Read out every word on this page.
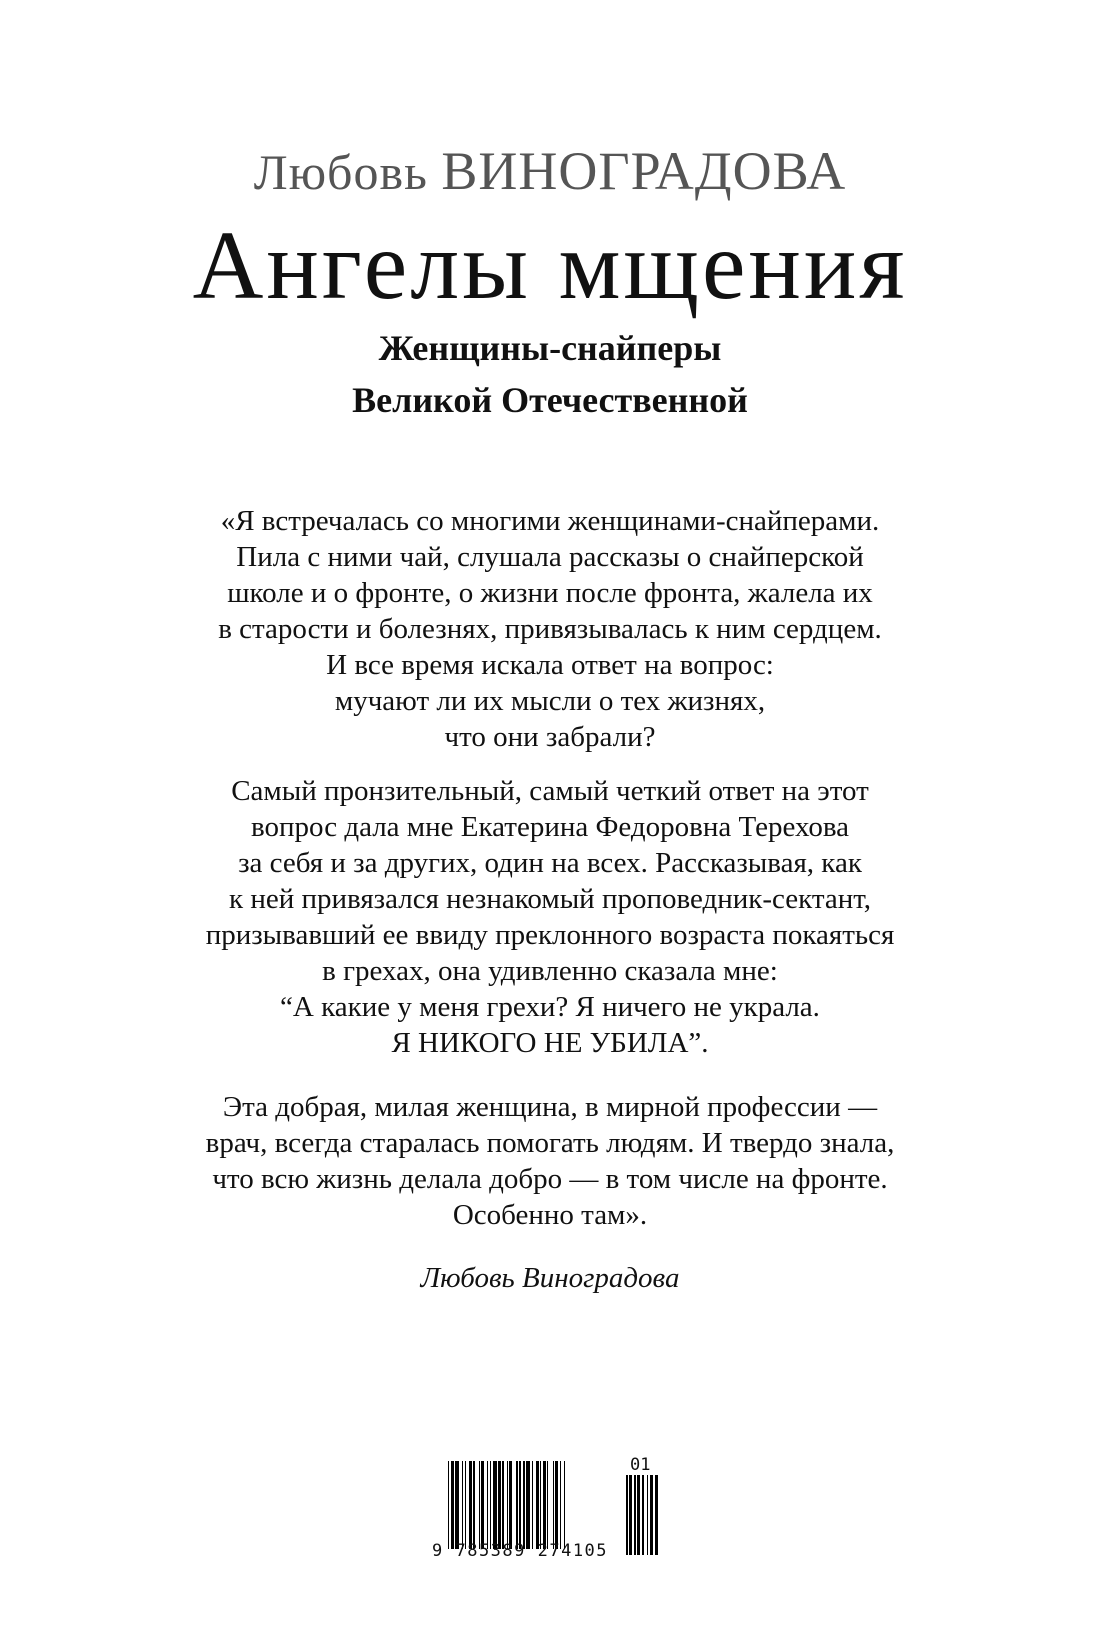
Любовь ВИНОГРАДОВА
Ангелы мщения
Женщины-снайперы
Великой Отечественной
«Я встречалась со многими женщинами-снайперами.
Пила с ними чай, слушала рассказы о снайперской
школе и о фронте, о жизни после фронта, жалела их
в старости и болезнях, привязывалась к ним сердцем.
И все время искала ответ на вопрос:
мучают ли их мысли о тех жизнях,
что они забрали?
Самый пронзительный, самый четкий ответ на этот
вопрос дала мне Екатерина Федоровна Терехова
за себя и за других, один на всех. Рассказывая, как
к ней привязался незнакомый проповедник-сектант,
призывавший ее ввиду преклонного возраста покаяться
в грехах, она удивленно сказала мне:
“А какие у меня грехи? Я ничего не украла.
Я НИКОГО НЕ УБИЛА”.
Эта добрая, милая женщина, в мирной профессии —
врач, всегда старалась помогать людям. И твердо знала,
что всю жизнь делала добро — в том числе на фронте.
Особенно там».
Любовь Виноградова
9 785389 274105
01
